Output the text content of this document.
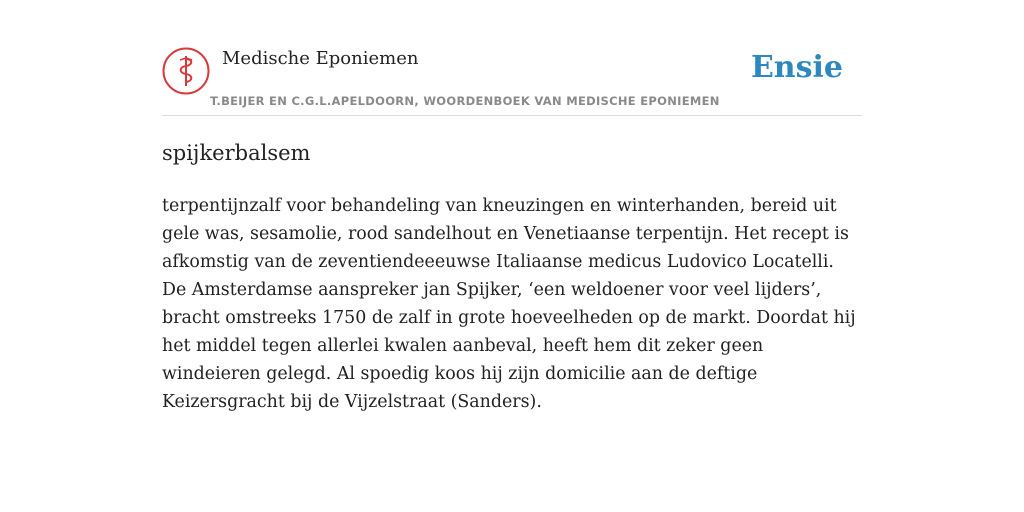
Medische Eponiemen
T.BEIJER EN C.G.L.APELDOORN, WOORDENBOEK VAN MEDISCHE EPONIEMEN
Ensie
spijkerbalsem

terpentijnzalf voor behandeling van kneuzingen en winterhanden, bereid uit gele was, sesamolie, rood sandelhout en Venetiaanse terpentijn. Het recept is afkomstig van de zeventiendeeeuwse Italiaanse medicus Ludovico Locatelli. De Amsterdamse aanspreker jan Spijker, ‘een weldoener voor veel lijders’, bracht omstreeks 1750 de zalf in grote hoeveelheden op de markt. Doordat hij het middel tegen allerlei kwalen aanbeval, heeft hem dit zeker geen windeieren gelegd. Al spoedig koos hij zijn domicilie aan de deftige Keizersgracht bij de Vijzelstraat (Sanders).
